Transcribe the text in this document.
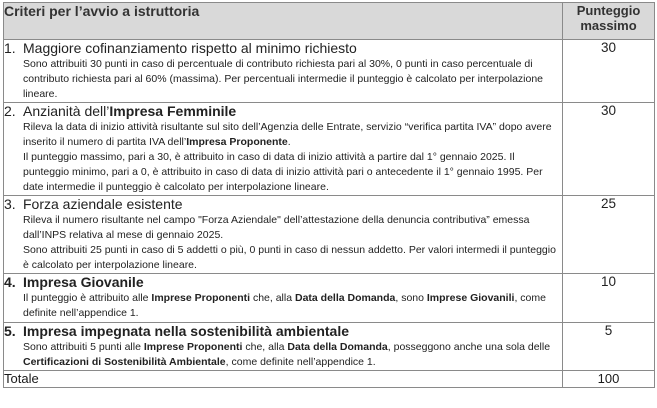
Criteri per l’avvio a istruttoria	Punteggio
massimo

1. Maggiore cofinanziamento rispetto al minimo richiesto
Sono attribuiti 30 punti in caso di percentuale di contributo richiesta pari al 30%, 0 punti in caso percentuale di contributo richiesta pari al 60% (massima). Per percentuali intermedie il punteggio è calcolato per interpolazione lineare.	30

2. Anzianità dell’Impresa Femminile
Rileva la data di inizio attività risultante sul sito dell’Agenzia delle Entrate, servizio “verifica partita IVA” dopo avere inserito il numero di partita IVA dell’Impresa Proponente.
Il punteggio massimo, pari a 30, è attribuito in caso di data di inizio attività a partire dal 1° gennaio 2025. Il punteggio minimo, pari a 0, è attribuito in caso di data di inizio attività pari o antecedente il 1° gennaio 1995. Per date intermedie il punteggio è calcolato per interpolazione lineare.	30

3. Forza aziendale esistente
Rileva il numero risultante nel campo "Forza Aziendale" dell’attestazione della denuncia contributiva” emessa dall’INPS relativa al mese di gennaio 2025.
Sono attribuiti 25 punti in caso di 5 addetti o più, 0 punti in caso di nessun addetto. Per valori intermedi il punteggio è calcolato per interpolazione lineare.	25

4. Impresa Giovanile
Il punteggio è attribuito alle Imprese Proponenti che, alla Data della Domanda, sono Imprese Giovanili, come definite nell’appendice 1.	10

5. Impresa impegnata nella sostenibilità ambientale
Sono attribuiti 5 punti alle Imprese Proponenti che, alla Data della Domanda, posseggono anche una sola delle Certificazioni di Sostenibilità Ambientale, come definite nell’appendice 1.	5
Totale	100
